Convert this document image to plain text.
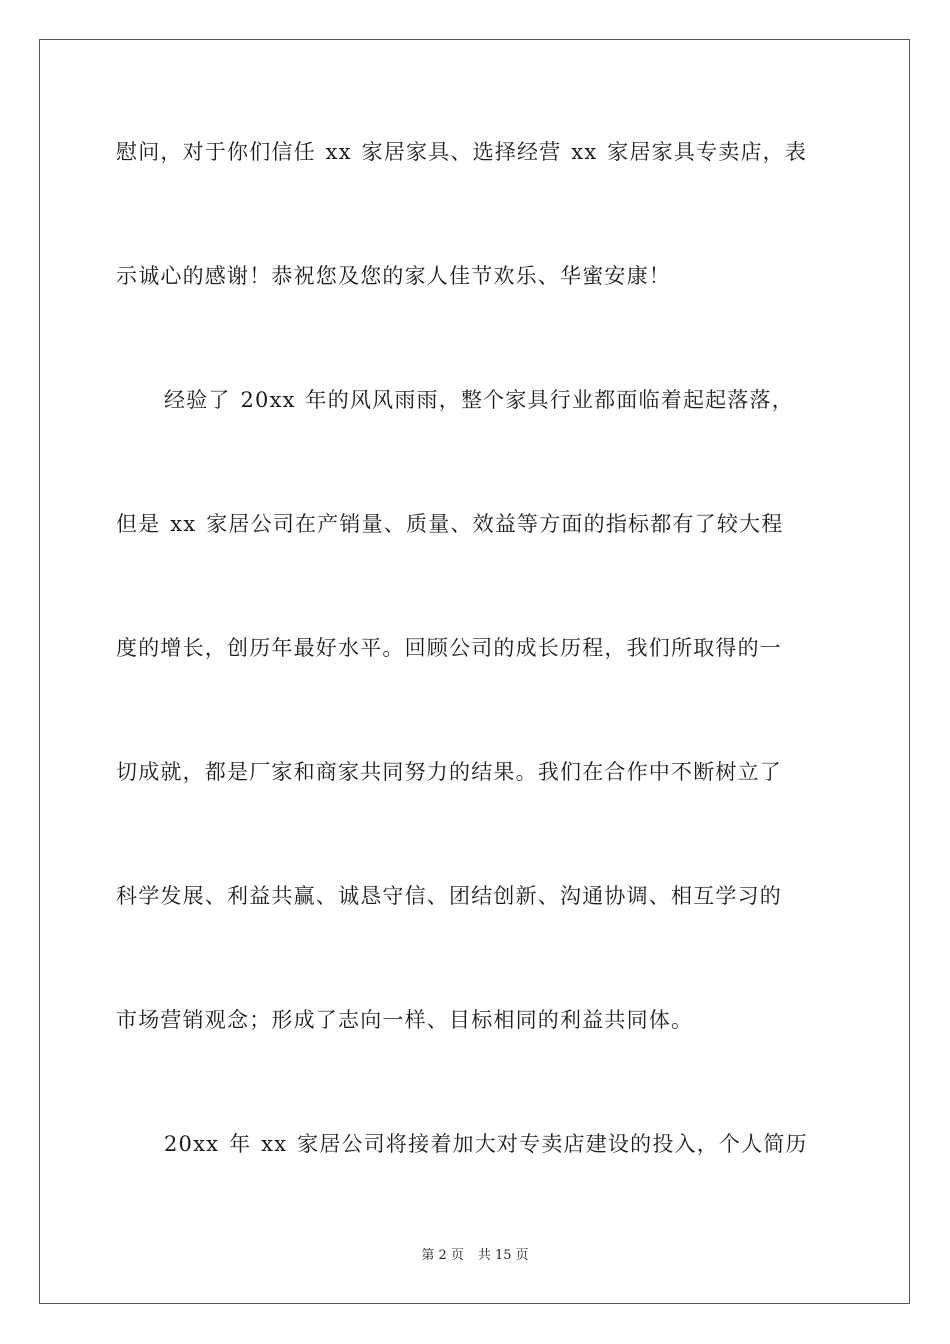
慰问，对于你们信任 xx 家居家具、选择经营 xx 家居家具专卖店，表
示诚心的感谢！恭祝您及您的家人佳节欢乐、华蜜安康！
经验了 20xx 年的风风雨雨，整个家具行业都面临着起起落落，
但是 xx 家居公司在产销量、质量、效益等方面的指标都有了较大程
度的增长，创历年最好水平。回顾公司的成长历程，我们所取得的一
切成就，都是厂家和商家共同努力的结果。我们在合作中不断树立了
科学发展、利益共赢、诚恳守信、团结创新、沟通协调、相互学习的
市场营销观念；形成了志向一样、目标相同的利益共同体。
20xx 年 xx 家居公司将接着加大对专卖店建设的投入，个人简历
第 2 页 共 15 页
